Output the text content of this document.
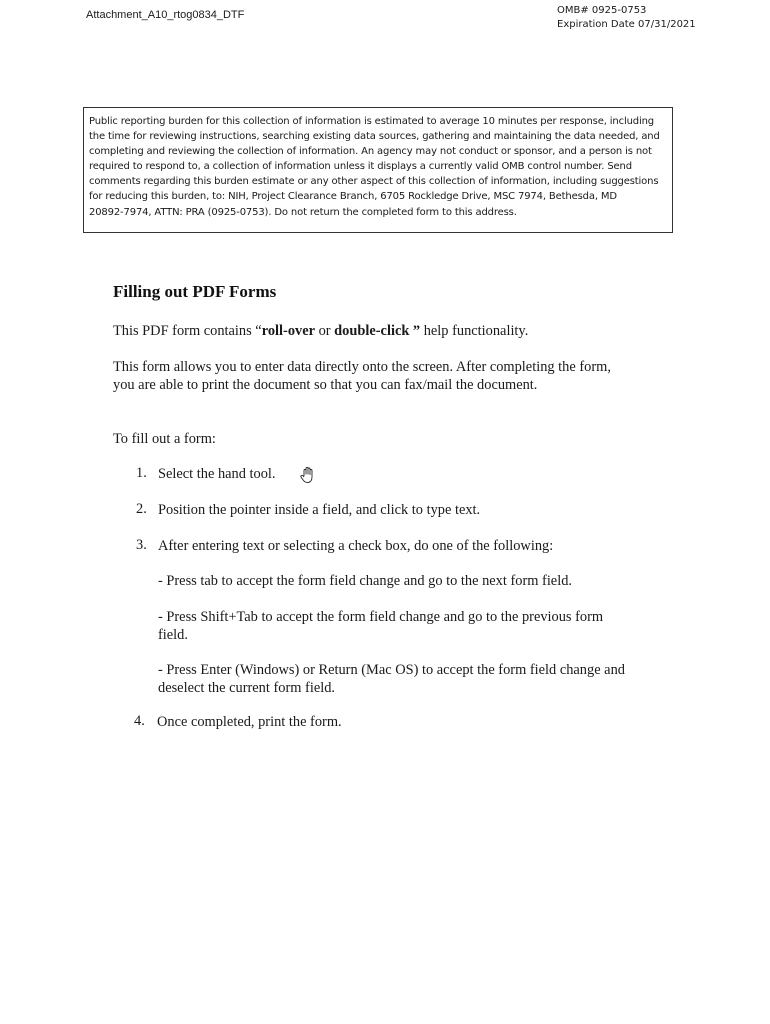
Attachment_A10_rtog0834_DTF	OMB# 0925-0753
Expiration Date 07/31/2021
Public reporting burden for this collection of information is estimated to average 10 minutes per response, including
the time for reviewing instructions, searching existing data sources, gathering and maintaining the data needed, and
completing and reviewing the collection of information. An agency may not conduct or sponsor, and a person is not
required to respond to, a collection of information unless it displays a currently valid OMB control number. Send
comments regarding this burden estimate or any other aspect of this collection of information, including suggestions
for reducing this burden, to: NIH, Project Clearance Branch, 6705 Rockledge Drive, MSC 7974, Bethesda, MD
20892-7974, ATTN: PRA (0925-0753). Do not return the completed form to this address.
Filling out PDF Forms
This PDF form contains “roll-over or double-click ” help functionality.
This form allows you to enter data directly onto the screen. After completing the form,
you are able to print the document so that you can fax/mail the document.
To fill out a form:
1. Select the hand tool.
2. Position the pointer inside a field, and click to type text.
3. After entering text or selecting a check box, do one of the following:
- Press tab to accept the form field change and go to the next form field.
- Press Shift+Tab to accept the form field change and go to the previous form
field.
- Press Enter (Windows) or Return (Mac OS) to accept the form field change and
deselect the current form field.
4. Once completed, print the form.
